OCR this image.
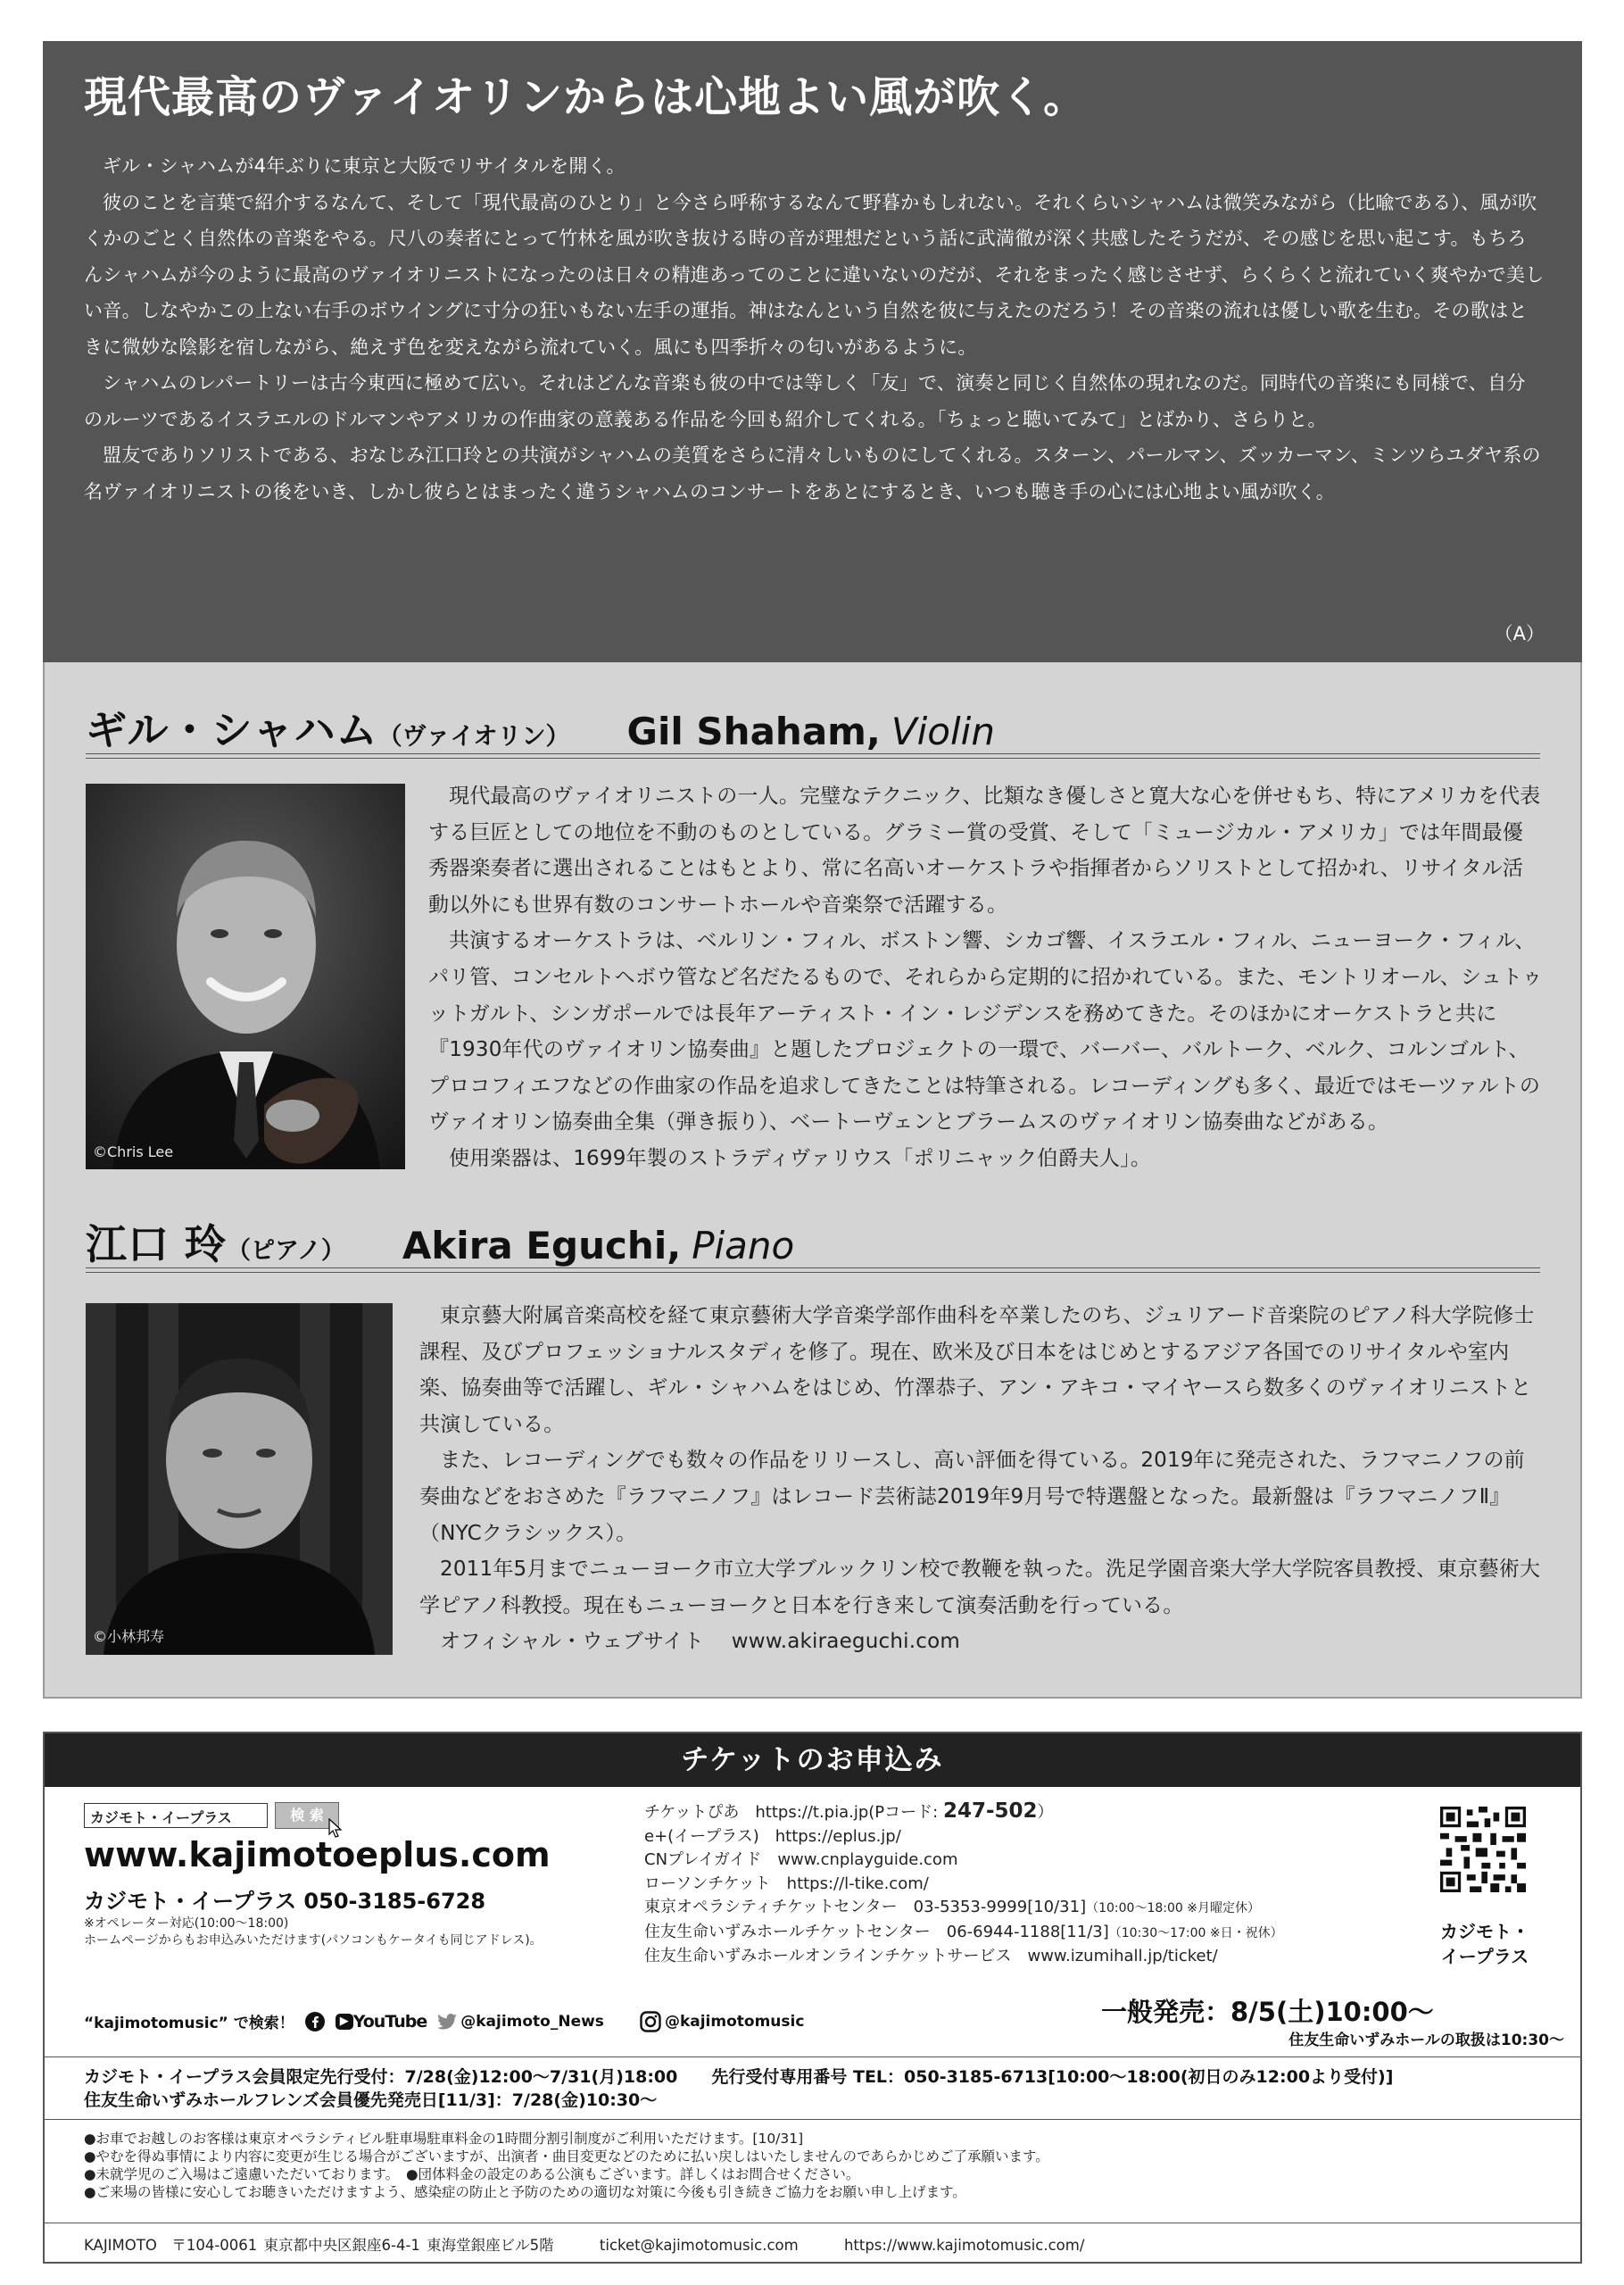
現代最高のヴァイオリンからは心地よい風が吹く。

ギル・シャハムが4年ぶりに東京と大阪でリサイタルを開く。

彼のことを言葉で紹介するなんて、そして「現代最高のひとり」と今さら呼称するなんて野暮かもしれない。それくらいシャハムは微笑みながら（比喩である）、風が吹くかのごとく自然体の音楽をやる。尺八の奏者にとって竹林を風が吹き抜ける時の音が理想だという話に武満徹が深く共感したそうだが、その感じを思い起こす。もちろんシャハムが今のように最高のヴァイオリニストになったのは日々の精進あってのことに違いないのだが、それをまったく感じさせず、らくらくと流れていく爽やかで美しい音。しなやかこの上ない右手のボウイングに寸分の狂いもない左手の運指。神はなんという自然を彼に与えたのだろう！その音楽の流れは優しい歌を生む。その歌はときに微妙な陰影を宿しながら、絶えず色を変えながら流れていく。風にも四季折々の匂いがあるように。

シャハムのレパートリーは古今東西に極めて広い。それはどんな音楽も彼の中では等しく「友」で、演奏と同じく自然体の現れなのだ。同時代の音楽にも同様で、自分のルーツであるイスラエルのドルマンやアメリカの作曲家の意義ある作品を今回も紹介してくれる。「ちょっと聴いてみて」とばかり、さらりと。

盟友でありソリストである、おなじみ江口玲との共演がシャハムの美質をさらに清々しいものにしてくれる。スターン、パールマン、ズッカーマン、ミンツらユダヤ系の名ヴァイオリニストの後をいき、しかし彼らとはまったく違うシャハムのコンサートをあとにするとき、いつも聴き手の心には心地よい風が吹く。

（A）
ギル・シャハム （ヴァイオリン） Gil Shaham, Violin
©Chris Lee

現代最高のヴァイオリニストの一人。完璧なテクニック、比類なき優しさと寛大な心を併せもち、特にアメリカを代表する巨匠としての地位を不動のものとしている。グラミー賞の受賞、そして「ミュージカル・アメリカ」では年間最優秀器楽奏者に選出されることはもとより、常に名高いオーケストラや指揮者からソリストとして招かれ、リサイタル活動以外にも世界有数のコンサートホールや音楽祭で活躍する。

共演するオーケストラは、ベルリン・フィル、ボストン響、シカゴ響、イスラエル・フィル、ニューヨーク・フィル、パリ管、コンセルトヘボウ管など名だたるもので、それらから定期的に招かれている。また、モントリオール、シュトゥットガルト、シンガポールでは長年アーティスト・イン・レジデンスを務めてきた。そのほかにオーケストラと共に『1930年代のヴァイオリン協奏曲』と題したプロジェクトの一環で、バーバー、バルトーク、ベルク、コルンゴルト、プロコフィエフなどの作曲家の作品を追求してきたことは特筆される。レコーディングも多く、最近ではモーツァルトのヴァイオリン協奏曲全集（弾き振り）、ベートーヴェンとブラームスのヴァイオリン協奏曲などがある。

使用楽器は、1699年製のストラディヴァリウス「ポリニャック伯爵夫人」。

江口 玲 （ピアノ） Akira Eguchi, Piano
©小林邦寿

東京藝大附属音楽高校を経て東京藝術大学音楽学部作曲科を卒業したのち、ジュリアード音楽院のピアノ科大学院修士課程、及びプロフェッショナルスタディを修了。現在、欧米及び日本をはじめとするアジア各国でのリサイタルや室内楽、協奏曲等で活躍し、ギル・シャハムをはじめ、竹澤恭子、アン・アキコ・マイヤースら数多くのヴァイオリニストと共演している。

また、レコーディングでも数々の作品をリリースし、高い評価を得ている。2019年に発売された、ラフマニノフの前奏曲などをおさめた『ラフマニノフ』はレコード芸術誌2019年9月号で特選盤となった。最新盤は『ラフマニノフⅡ』（NYCクラシックス）。

2011年5月までニューヨーク市立大学ブルックリン校で教鞭を執った。洗足学園音楽大学大学院客員教授、東京藝術大学ピアノ科教授。現在もニューヨークと日本を行き来して演奏活動を行っている。

オフィシャル・ウェブサイト　 www.akiraeguchi.com

チケットのお申込み
カジモト・イープラス	検 索
www.kajimotoeplus.com
カジモト・イープラス 050-3185-6728
※オペレーター対応(10:00〜18:00)
ホームページからもお申込みいただけます(パソコンもケータイも同じアドレス)。
チケットぴあ　https://t.pia.jp(Pコード: 247-502）
e+(イープラス)　https://eplus.jp/
CNプレイガイド　www.cnplayguide.com
ローソンチケット　https://l-tike.com/
東京オペラシティチケットセンター　03-5353-9999[10/31]（10:00〜18:00 ※月曜定休）
住友生命いずみホールチケットセンター　06-6944-1188[11/3]（10:30〜17:00 ※日・祝休）
住友生命いずみホールオンラインチケットサービス　www.izumihall.jp/ticket/
カジモト・
イープラス
“kajimotomusic” で検索！	▶ YouTube @kajimoto_News	@kajimotomusic	一般発売：8/5(土)10:00〜
住友生命いずみホールの取扱は10:30〜
カジモト・イープラス会員限定先行受付：7/28(金)12:00〜7/31(月)18:00　　先行受付専用番号 TEL：050-3185-6713[10:00〜18:00(初日のみ12:00より受付)]
住友生命いずみホールフレンズ会員優先発売日[11/3]：7/28(金)10:30〜
●お車でお越しのお客様は東京オペラシティビル駐車場駐車料金の1時間分割引制度がご利用いただけます。[10/31]
●やむを得ぬ事情により内容に変更が生じる場合がございますが、出演者・曲目変更などのために払い戻しはいたしませんのであらかじめご了承願います。
●未就学児のご入場はご遠慮いただいております。　●団体料金の設定のある公演もございます。詳しくはお問合せください。
●ご来場の皆様に安心してお聴きいただけますよう、感染症の防止と予防のための適切な対策に今後も引き続きご協力をお願い申し上げます。
KAJIMOTO　〒104-0061 東京都中央区銀座6-4-1 東海堂銀座ビル5階	ticket@kajimotomusic.com	https://www.kajimotomusic.com/
